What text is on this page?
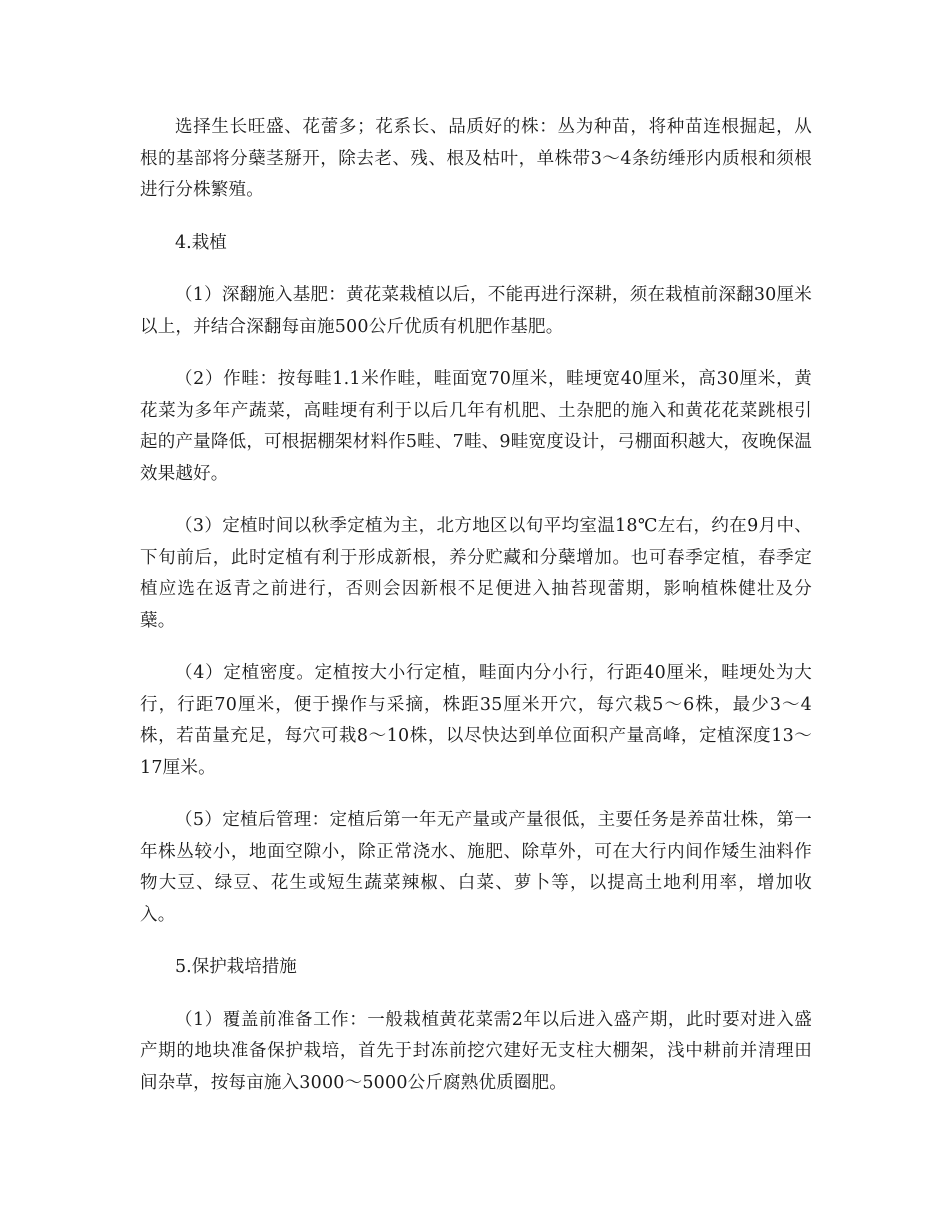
选择生长旺盛、花蕾多；花系长、品质好的株：丛为种苗，将种苗连根掘起，从根的基部将分蘖茎掰开，除去老、残、根及枯叶，单株带3～4条纺缍形内质根和须根进行分株繁殖。

4.栽植

（1）深翻施入基肥：黄花菜栽植以后，不能再进行深耕，须在栽植前深翻30厘米以上，并结合深翻每亩施500公斤优质有机肥作基肥。

（2）作畦：按每畦1.1米作畦，畦面宽70厘米，畦埂宽40厘米，高30厘米，黄花菜为多年产蔬菜，高畦埂有利于以后几年有机肥、土杂肥的施入和黄花花菜跳根引起的产量降低，可根据棚架材料作5畦、7畦、9畦宽度设计，弓棚面积越大，夜晚保温效果越好。

（3）定植时间以秋季定植为主，北方地区以旬平均室温18℃左右，约在9月中、下旬前后，此时定植有利于形成新根，养分贮藏和分蘖增加。也可春季定植，春季定植应选在返青之前进行，否则会因新根不足便进入抽苔现蕾期，影响植株健壮及分蘖。

（4）定植密度。定植按大小行定植，畦面内分小行，行距40厘米，畦埂处为大行，行距70厘米，便于操作与采摘，株距35厘米开穴，每穴栽5～6株，最少3～4株，若苗量充足，每穴可栽8～10株，以尽快达到单位面积产量高峰，定植深度13～17厘米。

（5）定植后管理：定植后第一年无产量或产量很低，主要任务是养苗壮株，第一年株丛较小，地面空隙小，除正常浇水、施肥、除草外，可在大行内间作矮生油料作物大豆、绿豆、花生或短生蔬菜辣椒、白菜、萝卜等，以提高土地利用率，增加收入。

5.保护栽培措施

（1）覆盖前准备工作：一般栽植黄花菜需2年以后进入盛产期，此时要对进入盛产期的地块准备保护栽培，首先于封冻前挖穴建好无支柱大棚架，浅中耕前并清理田间杂草，按每亩施入3000～5000公斤腐熟优质圈肥。
